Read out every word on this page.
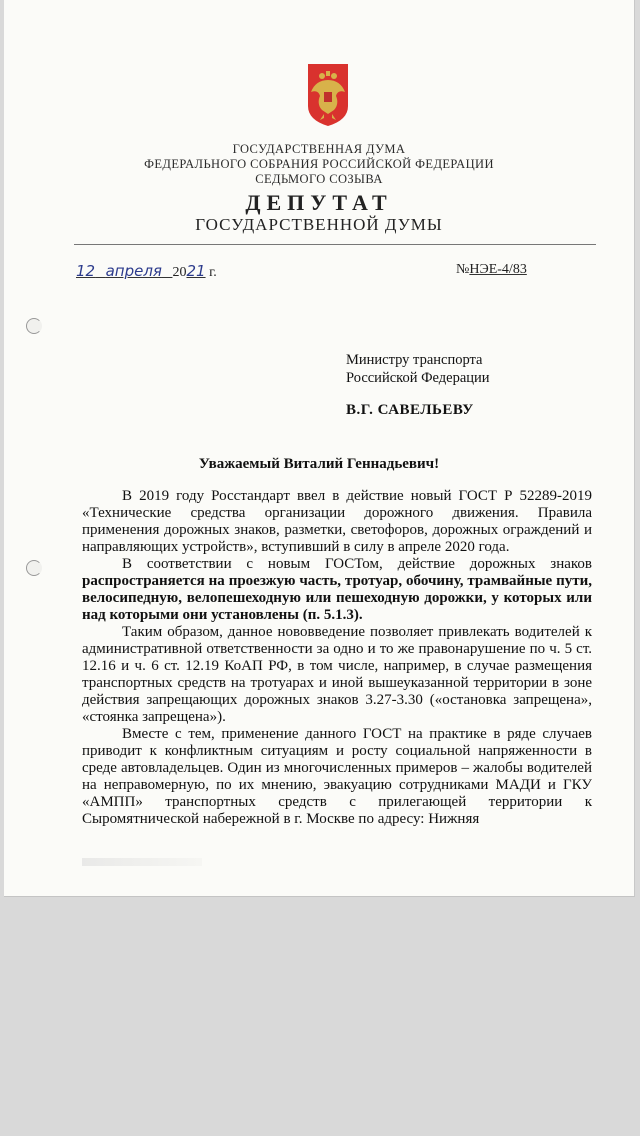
ГОСУДАРСТВЕННАЯ ДУМА
ФЕДЕРАЛЬНОГО СОБРАНИЯ РОССИЙСКОЙ ФЕДЕРАЦИИ
СЕДЬМОГО СОЗЫВА
ДЕПУТАТ
ГОСУДАРСТВЕННОЙ ДУМЫ
12 апреля 2021 г.	№НЭЕ-4/83
Министру транспорта
Российской Федерации
В.Г. САВЕЛЬЕВУ
Уважаемый Виталий Геннадьевич!

В 2019 году Росстандарт ввел в действие новый ГОСТ Р 52289-2019 «Технические средства организации дорожного движения. Правила применения дорожных знаков, разметки, светофоров, дорожных ограждений и направляющих устройств», вступивший в силу в апреле 2020 года.

В соответствии с новым ГОСТом, действие дорожных знаков распространяется на проезжую часть, тротуар, обочину, трамвайные пути, велосипедную, велопешеходную или пешеходную дорожки, у которых или над которыми они установлены (п. 5.1.3).

Таким образом, данное нововведение позволяет привлекать водителей к административной ответственности за одно и то же правонарушение по ч. 5 ст. 12.16 и ч. 6 ст. 12.19 КоАП РФ, в том числе, например, в случае размещения транспортных средств на тротуарах и иной вышеуказанной территории в зоне действия запрещающих дорожных знаков 3.27-3.30 («остановка запрещена», «стоянка запрещена»).

Вместе с тем, применение данного ГОСТ на практике в ряде случаев приводит к конфликтным ситуациям и росту социальной напряженности в среде автовладельцев. Один из многочисленных примеров – жалобы водителей на неправомерную, по их мнению, эвакуацию сотрудниками МАДИ и ГКУ «АМПП» транспортных средств с прилегающей территории к Сыромятнической набережной в г. Москве по адресу: Нижняя
